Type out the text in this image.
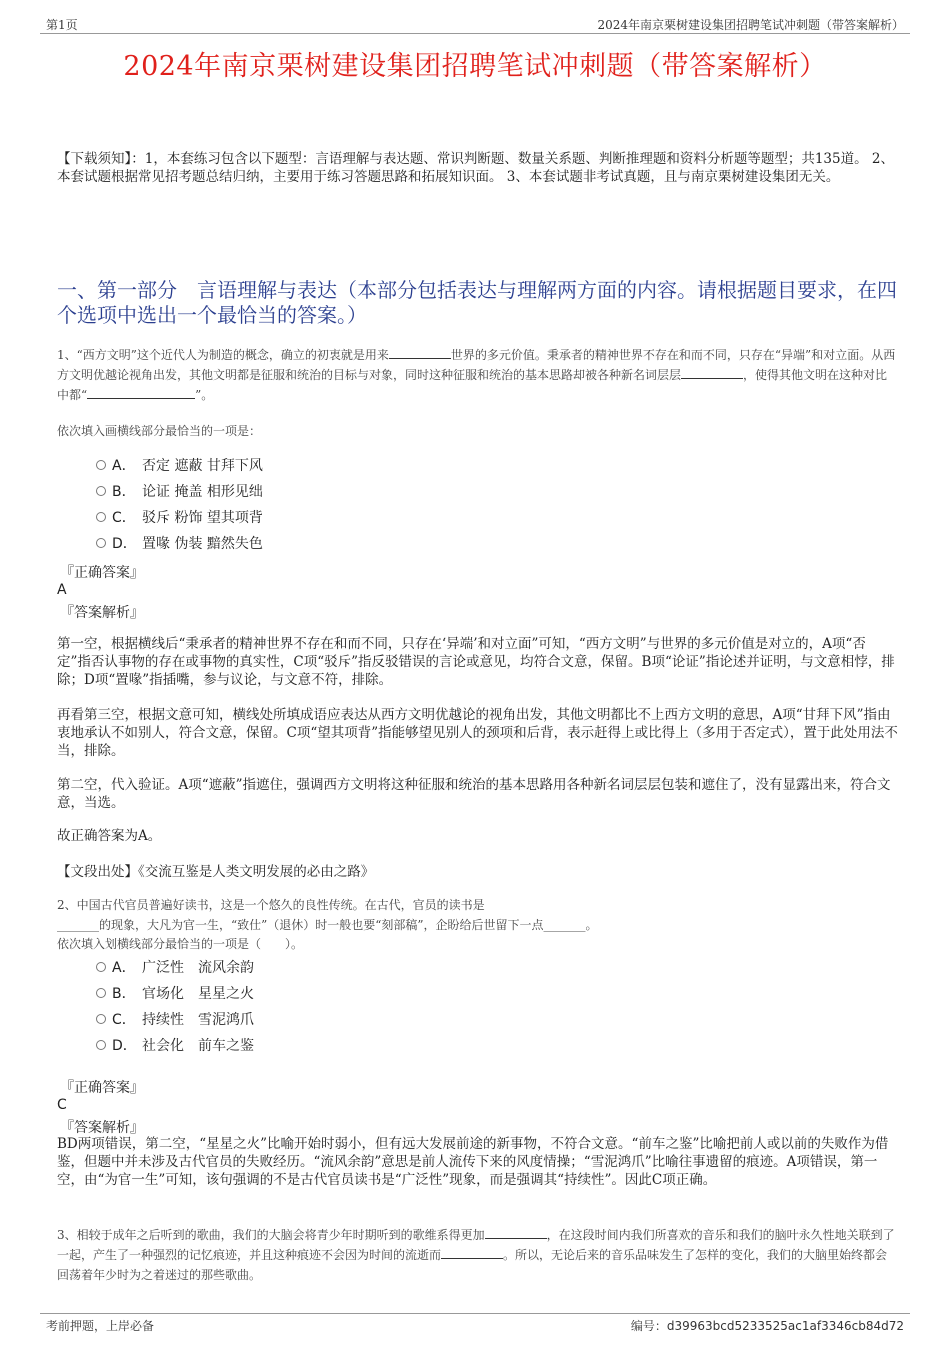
第1页	2024年南京栗树建设集团招聘笔试冲刺题（带答案解析）
2024年南京栗树建设集团招聘笔试冲刺题（带答案解析）

【下载须知】：1，本套练习包含以下题型：言语理解与表达题、常识判断题、数量关系题、判断推理题和资料分析题等题型；共135道。 2、本套试题根据常见招考题总结归纳，主要用于练习答题思路和拓展知识面。 3、本套试题非考试真题，且与南京栗树建设集团无关。

一、第一部分　言语理解与表达（本部分包括表达与理解两方面的内容。请根据题目要求，在四个选项中选出一个最恰当的答案。）

1、“西方文明”这个近代人为制造的概念，确立的初衷就是用来	世界的多元价值。秉承者的精神世界不存在和而不同，只存在“异端”和对立面。从西方文明优越论视角出发，其他文明都是征服和统治的目标与对象，同时这种征服和统治的基本思路却被各种新名词层层	，使得其他文明在这种对比中都“	”。

依次填入画横线部分最恰当的一项是：

A． 否定 遮蔽 甘拜下风
B． 论证 掩盖 相形见绌
C． 驳斥 粉饰 望其项背
D． 置喙 伪装 黯然失色

『正确答案』

A

『答案解析』

第一空，根据横线后“秉承者的精神世界不存在和而不同，只存在‘异端’和对立面”可知，“西方文明”与世界的多元价值是对立的，A项“否定”指否认事物的存在或事物的真实性，C项“驳斥”指反驳错误的言论或意见，均符合文意，保留。B项“论证”指论述并证明，与文意相悖，排除；D项“置喙”指插嘴，参与议论，与文意不符，排除。

再看第三空，根据文意可知，横线处所填成语应表达从西方文明优越论的视角出发，其他文明都比不上西方文明的意思，A项“甘拜下风”指由衷地承认不如别人，符合文意，保留。C项“望其项背”指能够望见别人的颈项和后背，表示赶得上或比得上（多用于否定式），置于此处用法不当，排除。

第二空，代入验证。A项“遮蔽”指遮住，强调西方文明将这种征服和统治的基本思路用各种新名词层层包装和遮住了，没有显露出来，符合文意，当选。

故正确答案为A。

【文段出处】《交流互鉴是人类文明发展的必由之路》

2、中国古代官员普遍好读书，这是一个悠久的良性传统。在古代，官员的读书是

_______的现象，大凡为官一生，“致仕”（退休）时一般也要“刻部稿”，企盼给后世留下一点_______。

依次填入划横线部分最恰当的一项是（　　）。

A． 广泛性　流风余韵
B． 官场化　星星之火
C． 持续性　雪泥鸿爪
D． 社会化　前车之鉴

『正确答案』

C

『答案解析』

BD两项错误，第二空，“星星之火”比喻开始时弱小，但有远大发展前途的新事物，不符合文意。“前车之鉴”比喻把前人或以前的失败作为借鉴，但题中并未涉及古代官员的失败经历。“流风余韵”意思是前人流传下来的风度情操；“雪泥鸿爪”比喻往事遗留的痕迹。A项错误，第一空，由“为官一生”可知，该句强调的不是古代官员读书是“广泛性”现象，而是强调其“持续性”。因此C项正确。

3、相较于成年之后听到的歌曲，我们的大脑会将青少年时期听到的歌维系得更加	，在这段时间内我们所喜欢的音乐和我们的脑叶永久性地关联到了一起，产生了一种强烈的记忆痕迹，并且这种痕迹不会因为时间的流逝而	。所以，无论后来的音乐品味发生了怎样的变化，我们的大脑里始终都会回荡着年少时为之着迷过的那些歌曲。

考前押题，上岸必备	编号：d39963bcd5233525ac1af3346cb84d72
